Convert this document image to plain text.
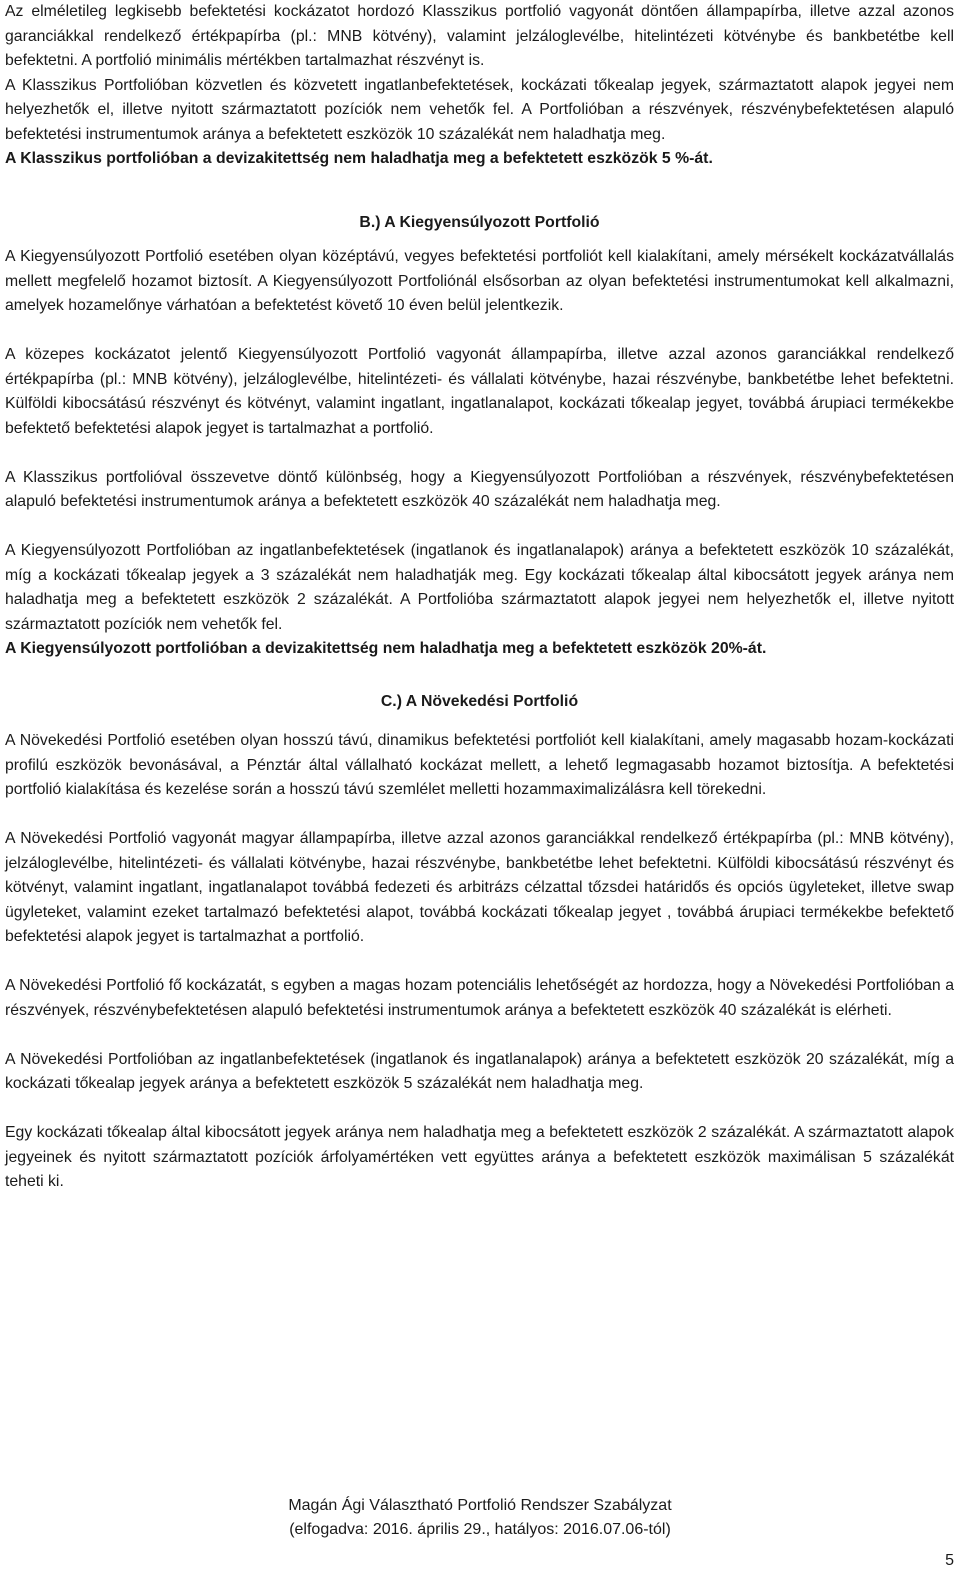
Az elméletileg legkisebb befektetési kockázatot hordozó Klasszikus portfolió vagyonát döntően állampapírba, illetve azzal azonos garanciákkal rendelkező értékpapírba (pl.: MNB kötvény), valamint jelzáloglevélbe, hitelintézeti kötvénybe és bankbetétbe kell befektetni. A portfolió minimális mértékben tartalmazhat részvényt is.

A Klasszikus Portfolióban közvetlen és közvetett ingatlanbefektetések, kockázati tőkealap jegyek, származtatott alapok jegyei nem helyezhetők el, illetve nyitott származtatott pozíciók nem vehetők fel. A Portfolióban a részvények, részvénybefektetésen alapuló befektetési instrumentumok aránya a befektetett eszközök 10 százalékát nem haladhatja meg.

A Klasszikus portfolióban a devizakitettség nem haladhatja meg a befektetett eszközök 5 %-át.

B.) A Kiegyensúlyozott Portfolió

A Kiegyensúlyozott Portfolió esetében olyan középtávú, vegyes befektetési portfoliót kell kialakítani, amely mérsékelt kockázatvállalás mellett megfelelő hozamot biztosít. A Kiegyensúlyozott Portfoliónál elsősorban az olyan befektetési instrumentumokat kell alkalmazni, amelyek hozamelőnye várhatóan a befektetést követő 10 éven belül jelentkezik.

A közepes kockázatot jelentő Kiegyensúlyozott Portfolió vagyonát állampapírba, illetve azzal azonos garanciákkal rendelkező értékpapírba (pl.: MNB kötvény), jelzáloglevélbe, hitelintézeti- és vállalati kötvénybe, hazai részvénybe, bankbetétbe lehet befektetni. Külföldi kibocsátású részvényt és kötvényt, valamint ingatlant, ingatlanalapot, kockázati tőkealap jegyet, továbbá árupiaci termékekbe befektető befektetési alapok jegyet is tartalmazhat a portfolió.

A Klasszikus portfolióval összevetve döntő különbség, hogy a Kiegyensúlyozott Portfolióban a részvények, részvénybefektetésen alapuló befektetési instrumentumok aránya a befektetett eszközök 40 százalékát nem haladhatja meg.

A Kiegyensúlyozott Portfolióban az ingatlanbefektetések (ingatlanok és ingatlanalapok) aránya a befektetett eszközök 10 százalékát, míg a kockázati tőkealap jegyek a 3 százalékát nem haladhatják meg. Egy kockázati tőkealap által kibocsátott jegyek aránya nem haladhatja meg a befektetett eszközök 2 százalékát. A Portfolióba származtatott alapok jegyei nem helyezhetők el, illetve nyitott származtatott pozíciók nem vehetők fel.

A Kiegyensúlyozott portfolióban a devizakitettség nem haladhatja meg a befektetett eszközök 20%-át.

C.) A Növekedési Portfolió

A Növekedési Portfolió esetében olyan hosszú távú, dinamikus befektetési portfoliót kell kialakítani, amely magasabb hozam-kockázati profilú eszközök bevonásával, a Pénztár által vállalható kockázat mellett, a lehető legmagasabb hozamot biztosítja. A befektetési portfolió kialakítása és kezelése során a hosszú távú szemlélet melletti hozammaximalizálásra kell törekedni.

A Növekedési Portfolió vagyonát magyar állampapírba, illetve azzal azonos garanciákkal rendelkező értékpapírba (pl.: MNB kötvény), jelzáloglevélbe, hitelintézeti- és vállalati kötvénybe, hazai részvénybe, bankbetétbe lehet befektetni. Külföldi kibocsátású részvényt és kötvényt, valamint ingatlant, ingatlanalapot továbbá fedezeti és arbitrázs célzattal tőzsdei határidős és opciós ügyleteket, illetve swap ügyleteket, valamint ezeket tartalmazó befektetési alapot, továbbá kockázati tőkealap jegyet , továbbá árupiaci termékekbe befektető befektetési alapok jegyet is tartalmazhat a portfolió.

A Növekedési Portfolió fő kockázatát, s egyben a magas hozam potenciális lehetőségét az hordozza, hogy a Növekedési Portfolióban a részvények, részvénybefektetésen alapuló befektetési instrumentumok aránya a befektetett eszközök 40 százalékát is elérheti.

A Növekedési Portfolióban az ingatlanbefektetések (ingatlanok és ingatlanalapok) aránya a befektetett eszközök 20 százalékát, míg a kockázati tőkealap jegyek aránya a befektetett eszközök 5 százalékát nem haladhatja meg.

Egy kockázati tőkealap által kibocsátott jegyek aránya nem haladhatja meg a befektetett eszközök 2 százalékát. A származtatott alapok jegyeinek és nyitott származtatott pozíciók árfolyamértéken vett együttes aránya a befektetett eszközök maximálisan 5 százalékát teheti ki.

Magán Ági Választható Portfolió Rendszer Szabályzat
(elfogadva: 2016. április 29., hatályos: 2016.07.06-tól)
5
